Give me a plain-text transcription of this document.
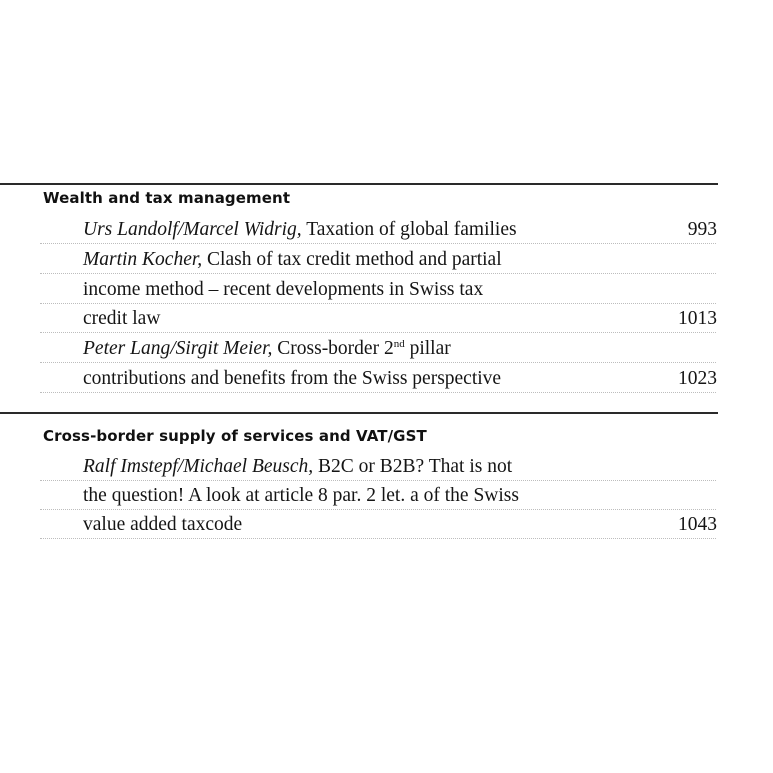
Wealth and tax management
Urs Landolf/Marcel Widrig, Taxation of global families	993
Martin Kocher, Clash of tax credit method and partial
income method – recent developments in Swiss tax
credit law	1013
Peter Lang/Sirgit Meier, Cross-border 2nd pillar
contributions and benefits from the Swiss perspective	1023
Cross-border supply of services and VAT/GST
Ralf Imstepf/Michael Beusch, B2C or B2B? That is not
the question! A look at article 8 par. 2 let. a of the Swiss
value added taxcode	1043
